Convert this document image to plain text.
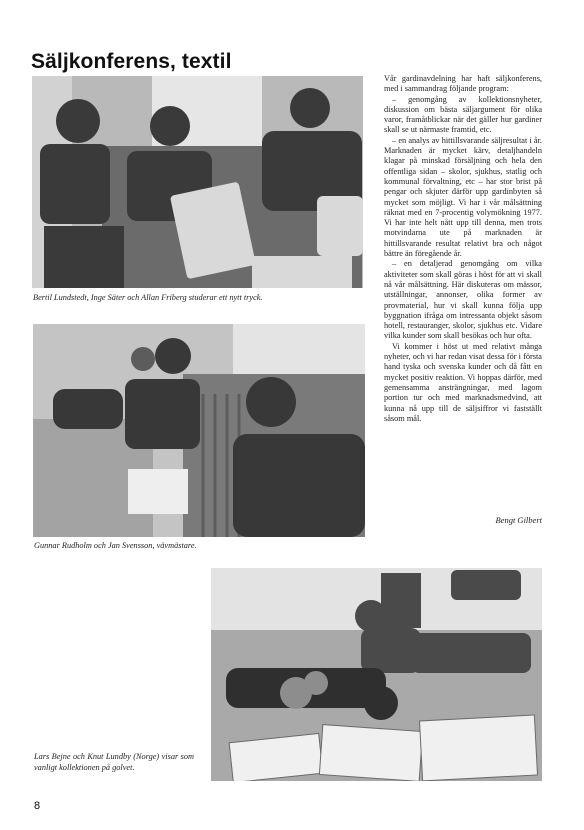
Säljkonferens, textil
Bertil Lundstedt, Inge Säter och Allan Friberg studerar ett nytt tryck.
Gunnar Rudholm och Jan Svensson, vävmästare.
Lars Bejne och Knut Lundby (Norge) visar som vanligt kollektionen på golvet.

Vår gardinavdelning har haft säljkonferens, med i sammandrag följande program:

– genomgång av kollektionsnyheter, diskussion om bästa säljargument för olika varor, framåtblickar när det gäller hur gardiner skall se ut närmaste framtid, etc.

– en analys av hittillsvarande säljresultat i år. Marknaden är mycket kärv, detaljhandeln klagar på minskad försäljning och hela den offentliga sidan – skolor, sjukhus, statlig och kommunal förvaltning, etc – har stor brist på pengar och skjuter därför upp gardinbyten så mycket som möjligt. Vi har i vår målsättning räknat med en 7-procentig volymökning 1977. Vi har inte helt nått upp till denna, men trots motvindarna ute på marknaden är hittillsvarande resultat relativt bra och något bättre än föregående år.

– en detaljerad genomgång om vilka aktiviteter som skall göras i höst för att vi skall nå vår målsättning. Här diskuteras om mässor, utställningar, annonser, olika former av provmaterial, hur vi skall kunna följa upp byggnation ifråga om intressanta objekt såsom hotell, restauranger, skolor, sjukhus etc. Vidare vilka kunder som skall besökas och hur ofta.

Vi kommer i höst ut med relativt många nyheter, och vi har redan visat dessa för i första hand tyska och svenska kunder och då fått en mycket positiv reaktion. Vi hoppas därför, med gemensamma ansträngningar, med lagom portion tur och med marknadsmedvind, att kunna nå upp till de säljsiffror vi fastställt såsom mål.

Bengt Gilbert
8
